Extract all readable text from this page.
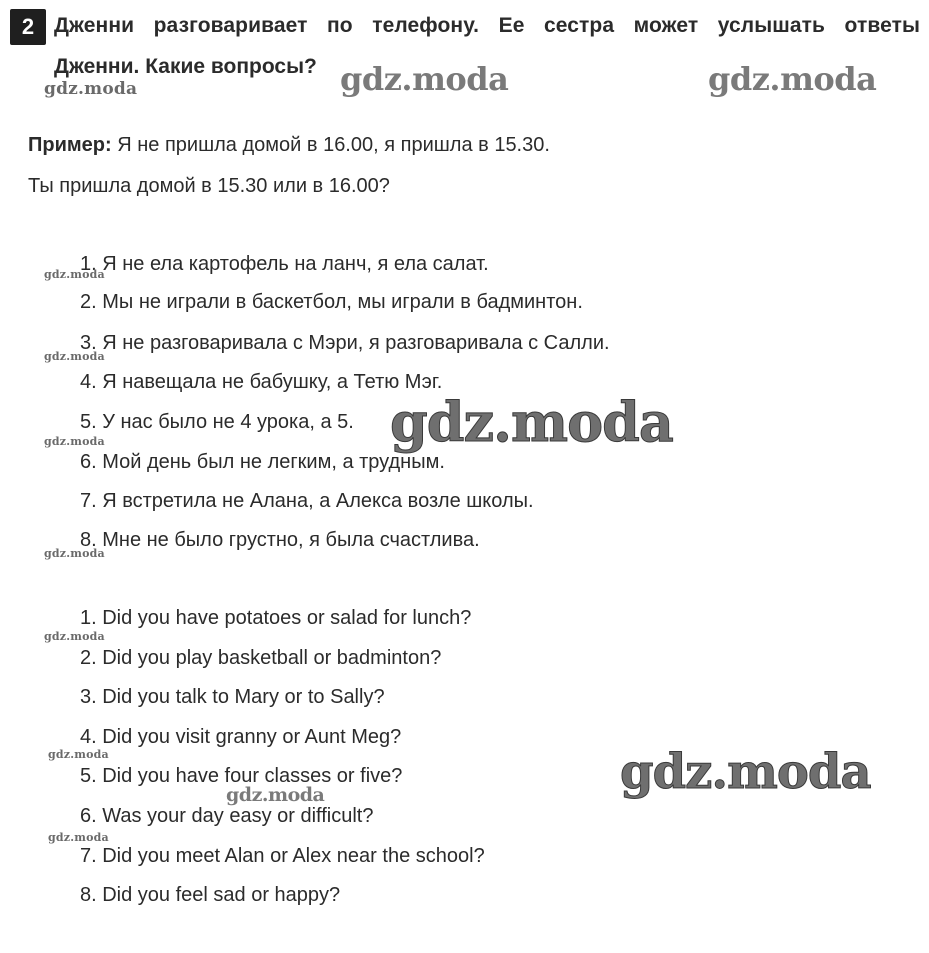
2 Дженни разговаривает по телефону. Ее сестра может услышать ответы
Дженни. Какие вопросы?
Пример: Я не пришла домой в 16.00, я пришла в 15.30.
Ты пришла домой в 15.30 или в 16.00?
1. Я не ела картофель на ланч, я ела салат.
2. Мы не играли в баскетбол, мы играли в бадминтон.
3. Я не разговаривала с Мэри, я разговаривала с Салли.
4. Я навещала не бабушку, а Тетю Мэг.
5. У нас было не 4 урока, а 5.
6. Мой день был не легким, а трудным.
7. Я встретила не Алана, а Алекса возле школы.
8. Мне не было грустно, я была счастлива.
1. Did you have potatoes or salad for lunch?
2. Did you play basketball or badminton?
3. Did you talk to Mary or to Sally?
4. Did you visit granny or Aunt Meg?
5. Did you have four classes or five?
6. Was your day easy or difficult?
7. Did you meet Alan or Alex near the school?
8. Did you feel sad or happy?
gdz.moda	gdz.moda	gdz.moda
gdz.moda
gdz.moda
gdz.moda
gdz.moda
gdz.moda
gdz.moda
gdz.moda
gdz.moda
gdz.moda	gdz.moda
